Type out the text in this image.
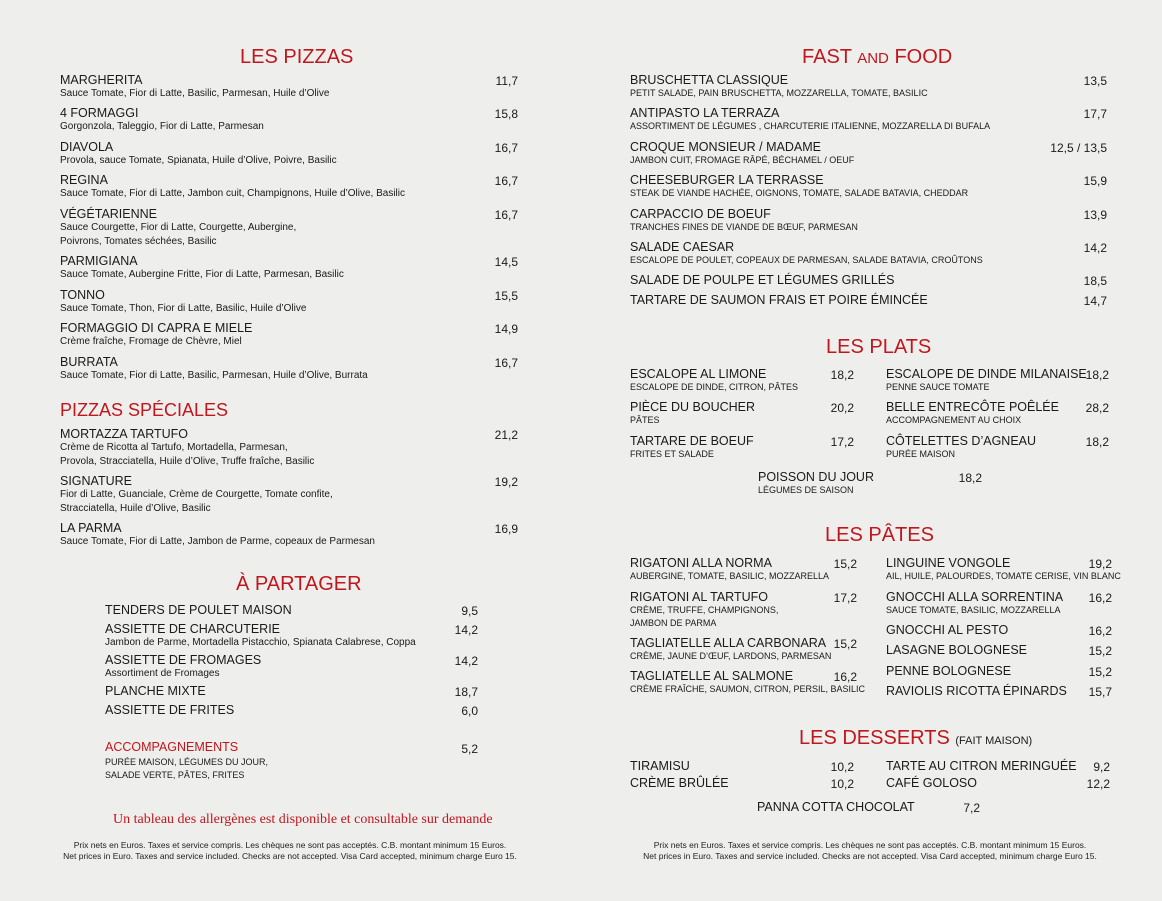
LES PIZZAS
MARGHERITA
Sauce Tomate, Fior di Latte, Basilic, Parmesan, Huile d’Olive
11,7
4 FORMAGGI
Gorgonzola, Taleggio, Fior di Latte, Parmesan
15,8
DIAVOLA
Provola, sauce Tomate, Spianata, Huile d’Olive, Poivre, Basilic
16,7
REGINA
Sauce Tomate, Fior di Latte, Jambon cuit, Champignons, Huile d’Olive, Basilic
16,7
VÉGÉTARIENNE
Sauce Courgette, Fior di Latte, Courgette, Aubergine,
Poivrons, Tomates séchées, Basilic
16,7
PARMIGIANA
Sauce Tomate, Aubergine Fritte, Fior di Latte, Parmesan, Basilic
14,5
TONNO
Sauce Tomate, Thon, Fior di Latte, Basilic, Huile d’Olive
15,5
FORMAGGIO DI CAPRA E MIELE
Crème fraîche, Fromage de Chèvre, Miel
14,9
BURRATA
Sauce Tomate, Fior di Latte, Basilic, Parmesan, Huile d’Olive, Burrata
16,7
PIZZAS SPÉCIALES
MORTAZZA TARTUFO
Crème de Ricotta al Tartufo, Mortadella, Parmesan,
Provola, Stracciatella, Huile d’Olive, Truffe fraîche, Basilic
21,2
SIGNATURE
Fior di Latte, Guanciale, Crème de Courgette, Tomate confite,
Stracciatella, Huile d’Olive, Basilic
19,2
LA PARMA
Sauce Tomate, Fior di Latte, Jambon de Parme, copeaux de Parmesan
16,9
À PARTAGER
TENDERS DE POULET MAISON	9,5
ASSIETTE DE CHARCUTERIE
Jambon de Parme, Mortadella Pistacchio, Spianata Calabrese, Coppa
14,2
ASSIETTE DE FROMAGES
Assortiment de Fromages
14,2
PLANCHE MIXTE	18,7
ASSIETTE DE FRITES	6,0
ACCOMPAGNEMENTS
PURÉE MAISON, LÉGUMES DU JOUR,
SALADE VERTE, PÂTES, FRITES
5,2
Un tableau des allergènes est disponible et consultable sur demande
Prix nets en Euros. Taxes et service compris. Les chèques ne sont pas acceptés. C.B. montant minimum 15 Euros.
Net prices in Euro. Taxes and service included. Checks are not accepted. Visa Card accepted, minimum charge Euro 15.
FAST AND FOOD
BRUSCHETTA CLASSIQUE
PETIT SALADE, PAIN BRUSCHETTA, MOZZARELLA, TOMATE, BASILIC
13,5
ANTIPASTO LA TERRAZA
ASSORTIMENT DE LÉGUMES , CHARCUTERIE ITALIENNE, MOZZARELLA DI BUFALA
17,7
CROQUE MONSIEUR / MADAME
JAMBON CUIT, FROMAGE RÂPÉ, BÉCHAMEL / OEUF
12,5 / 13,5
CHEESEBURGER LA TERRASSE
STEAK DE VIANDE HACHÉE, OIGNONS, TOMATE, SALADE BATAVIA, CHEDDAR
15,9
CARPACCIO DE BOEUF
TRANCHES FINES DE VIANDE DE BŒUF, PARMESAN
13,9
SALADE CAESAR
ESCALOPE DE POULET, COPEAUX DE PARMESAN, SALADE BATAVIA, CROÛTONS
14,2
SALADE DE POULPE ET LÉGUMES GRILLÉS	18,5
TARTARE DE SAUMON FRAIS ET POIRE ÉMINCÉE	14,7
LES PLATS
ESCALOPE AL LIMONE
ESCALOPE DE DINDE, CITRON, PÂTES
18,2
PIÈCE DU BOUCHER
PÂTES
20,2
TARTARE DE BOEUF
FRITES ET SALADE
17,2
ESCALOPE DE DINDE MILANAISE
PENNE SAUCE TOMATE
18,2
BELLE ENTRECÔTE POÊLÉE
ACCOMPAGNEMENT AU CHOIX
28,2
CÔTELETTES D’AGNEAU
PURÉE MAISON
18,2
POISSON DU JOUR
LÉGUMES DE SAISON
18,2
LES PÂTES
RIGATONI ALLA NORMA
AUBERGINE, TOMATE, BASILIC, MOZZARELLA
15,2
RIGATONI AL TARTUFO
CRÈME, TRUFFE, CHAMPIGNONS,
JAMBON DE PARMA
17,2
TAGLIATELLE ALLA CARBONARA
CRÈME, JAUNE D’ŒUF, LARDONS, PARMESAN
15,2
TAGLIATELLE AL SALMONE
CRÈME FRAÎCHE, SAUMON, CITRON, PERSIL, BASILIC
16,2
LINGUINE VONGOLE
AIL, HUILE, PALOURDES, TOMATE CERISE, VIN BLANC
19,2
GNOCCHI ALLA SORRENTINA
SAUCE TOMATE, BASILIC, MOZZARELLA
16,2
GNOCCHI AL PESTO	16,2
LASAGNE BOLOGNESE	15,2
PENNE BOLOGNESE	15,2
RAVIOLIS RICOTTA ÉPINARDS	15,7
LES DESSERTS (FAIT MAISON)
TIRAMISU	10,2
CRÈME BRÛLÉE	10,2
TARTE AU CITRON MERINGUÉE	9,2
CAFÉ GOLOSO	12,2
PANNA COTTA CHOCOLAT	7,2
Prix nets en Euros. Taxes et service compris. Les chèques ne sont pas acceptés. C.B. montant minimum 15 Euros.
Net prices in Euro. Taxes and service included. Checks are not accepted. Visa Card accepted, minimum charge Euro 15.
